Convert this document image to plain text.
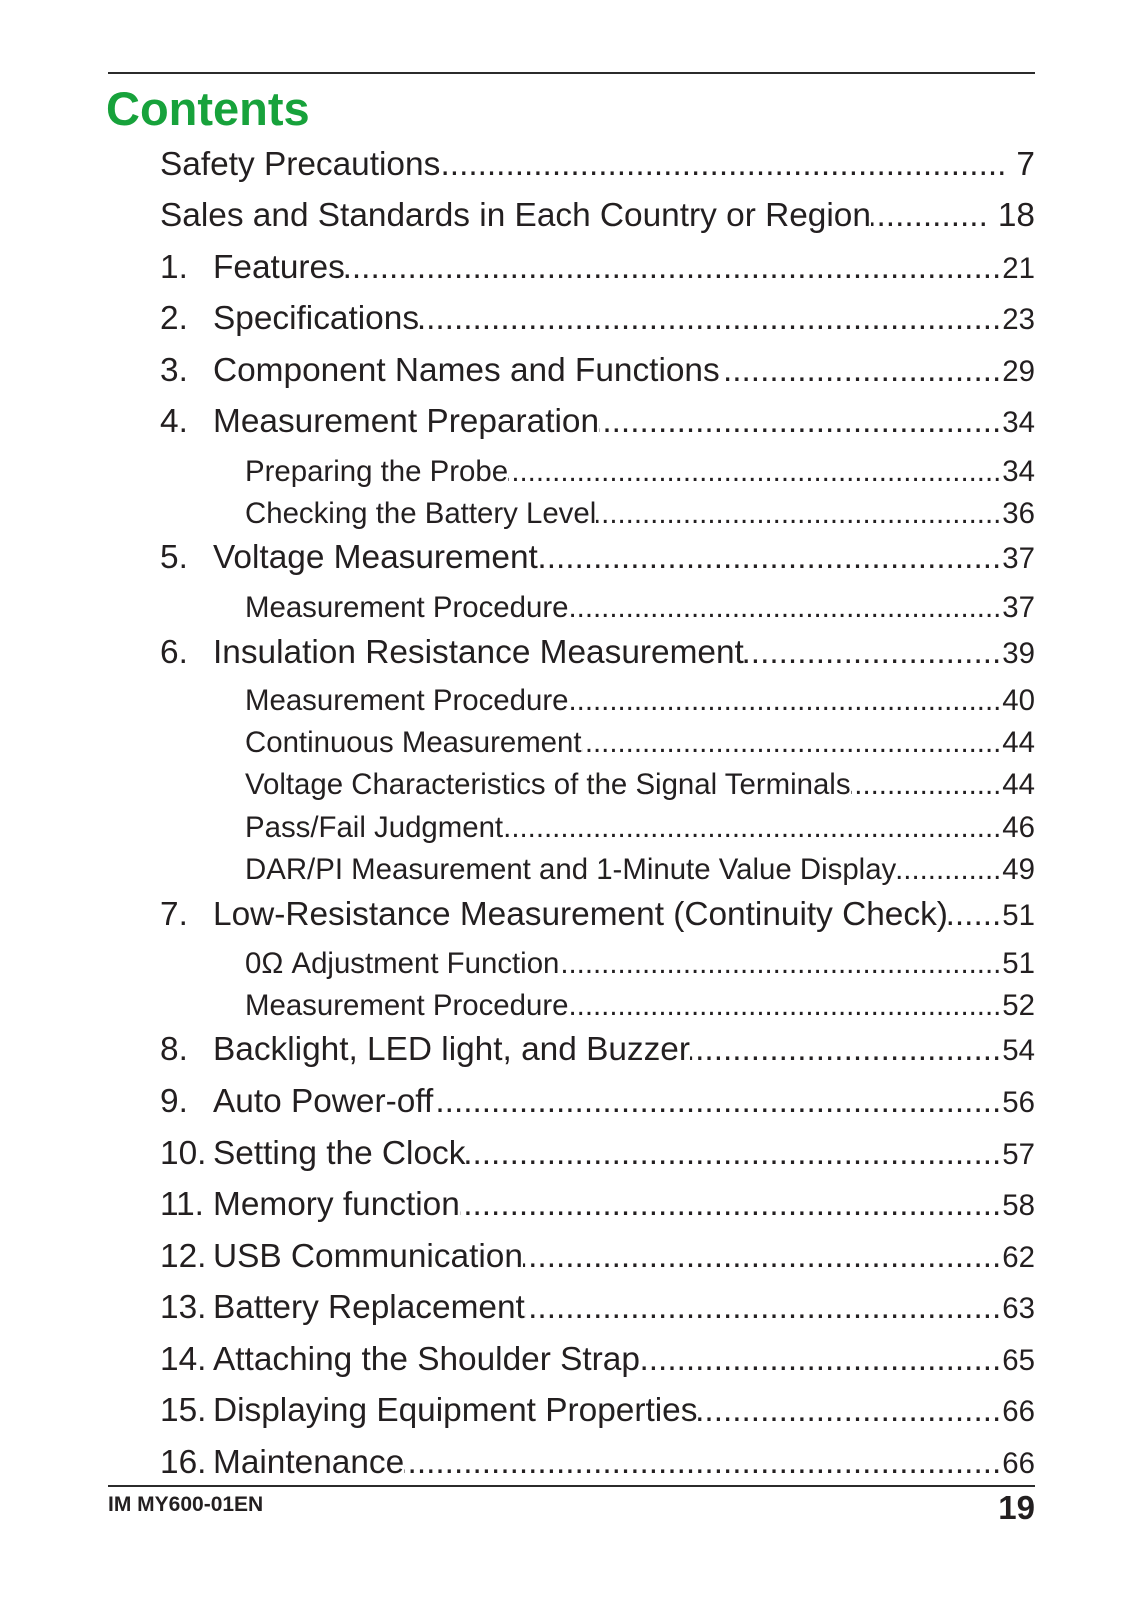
Contents
Safety Precautions .....	7
Sales and Standards in Each Country or Region .....	18
1. Features .....	21
2. Specifications .....	23
3. Component Names and Functions .....	29
4. Measurement Preparation .....	34
Preparing the Probe .....	34
Checking the Battery Level .....	36
5. Voltage Measurement .....	37
Measurement Procedure .....	37
6. Insulation Resistance Measurement .....	39
Measurement Procedure .....	40
Continuous Measurement .....	44
Voltage Characteristics of the Signal Terminals .....	44
Pass/Fail Judgment .....	46
DAR/PI Measurement and 1-Minute Value Display .....	49
7. Low-Resistance Measurement (Continuity Check) ..... 51
0Ω Adjustment Function .....	51
Measurement Procedure .....	52
8. Backlight, LED light, and Buzzer .....	54
9. Auto Power-off .....	56
10. Setting the Clock .....	57
11. Memory function .....	58
12. USB Communication .....	62
13. Battery Replacement .....	63
14. Attaching the Shoulder Strap .....	65
15. Displaying Equipment Properties .....	66
16. Maintenance .....	66
IM MY600-01EN	19
